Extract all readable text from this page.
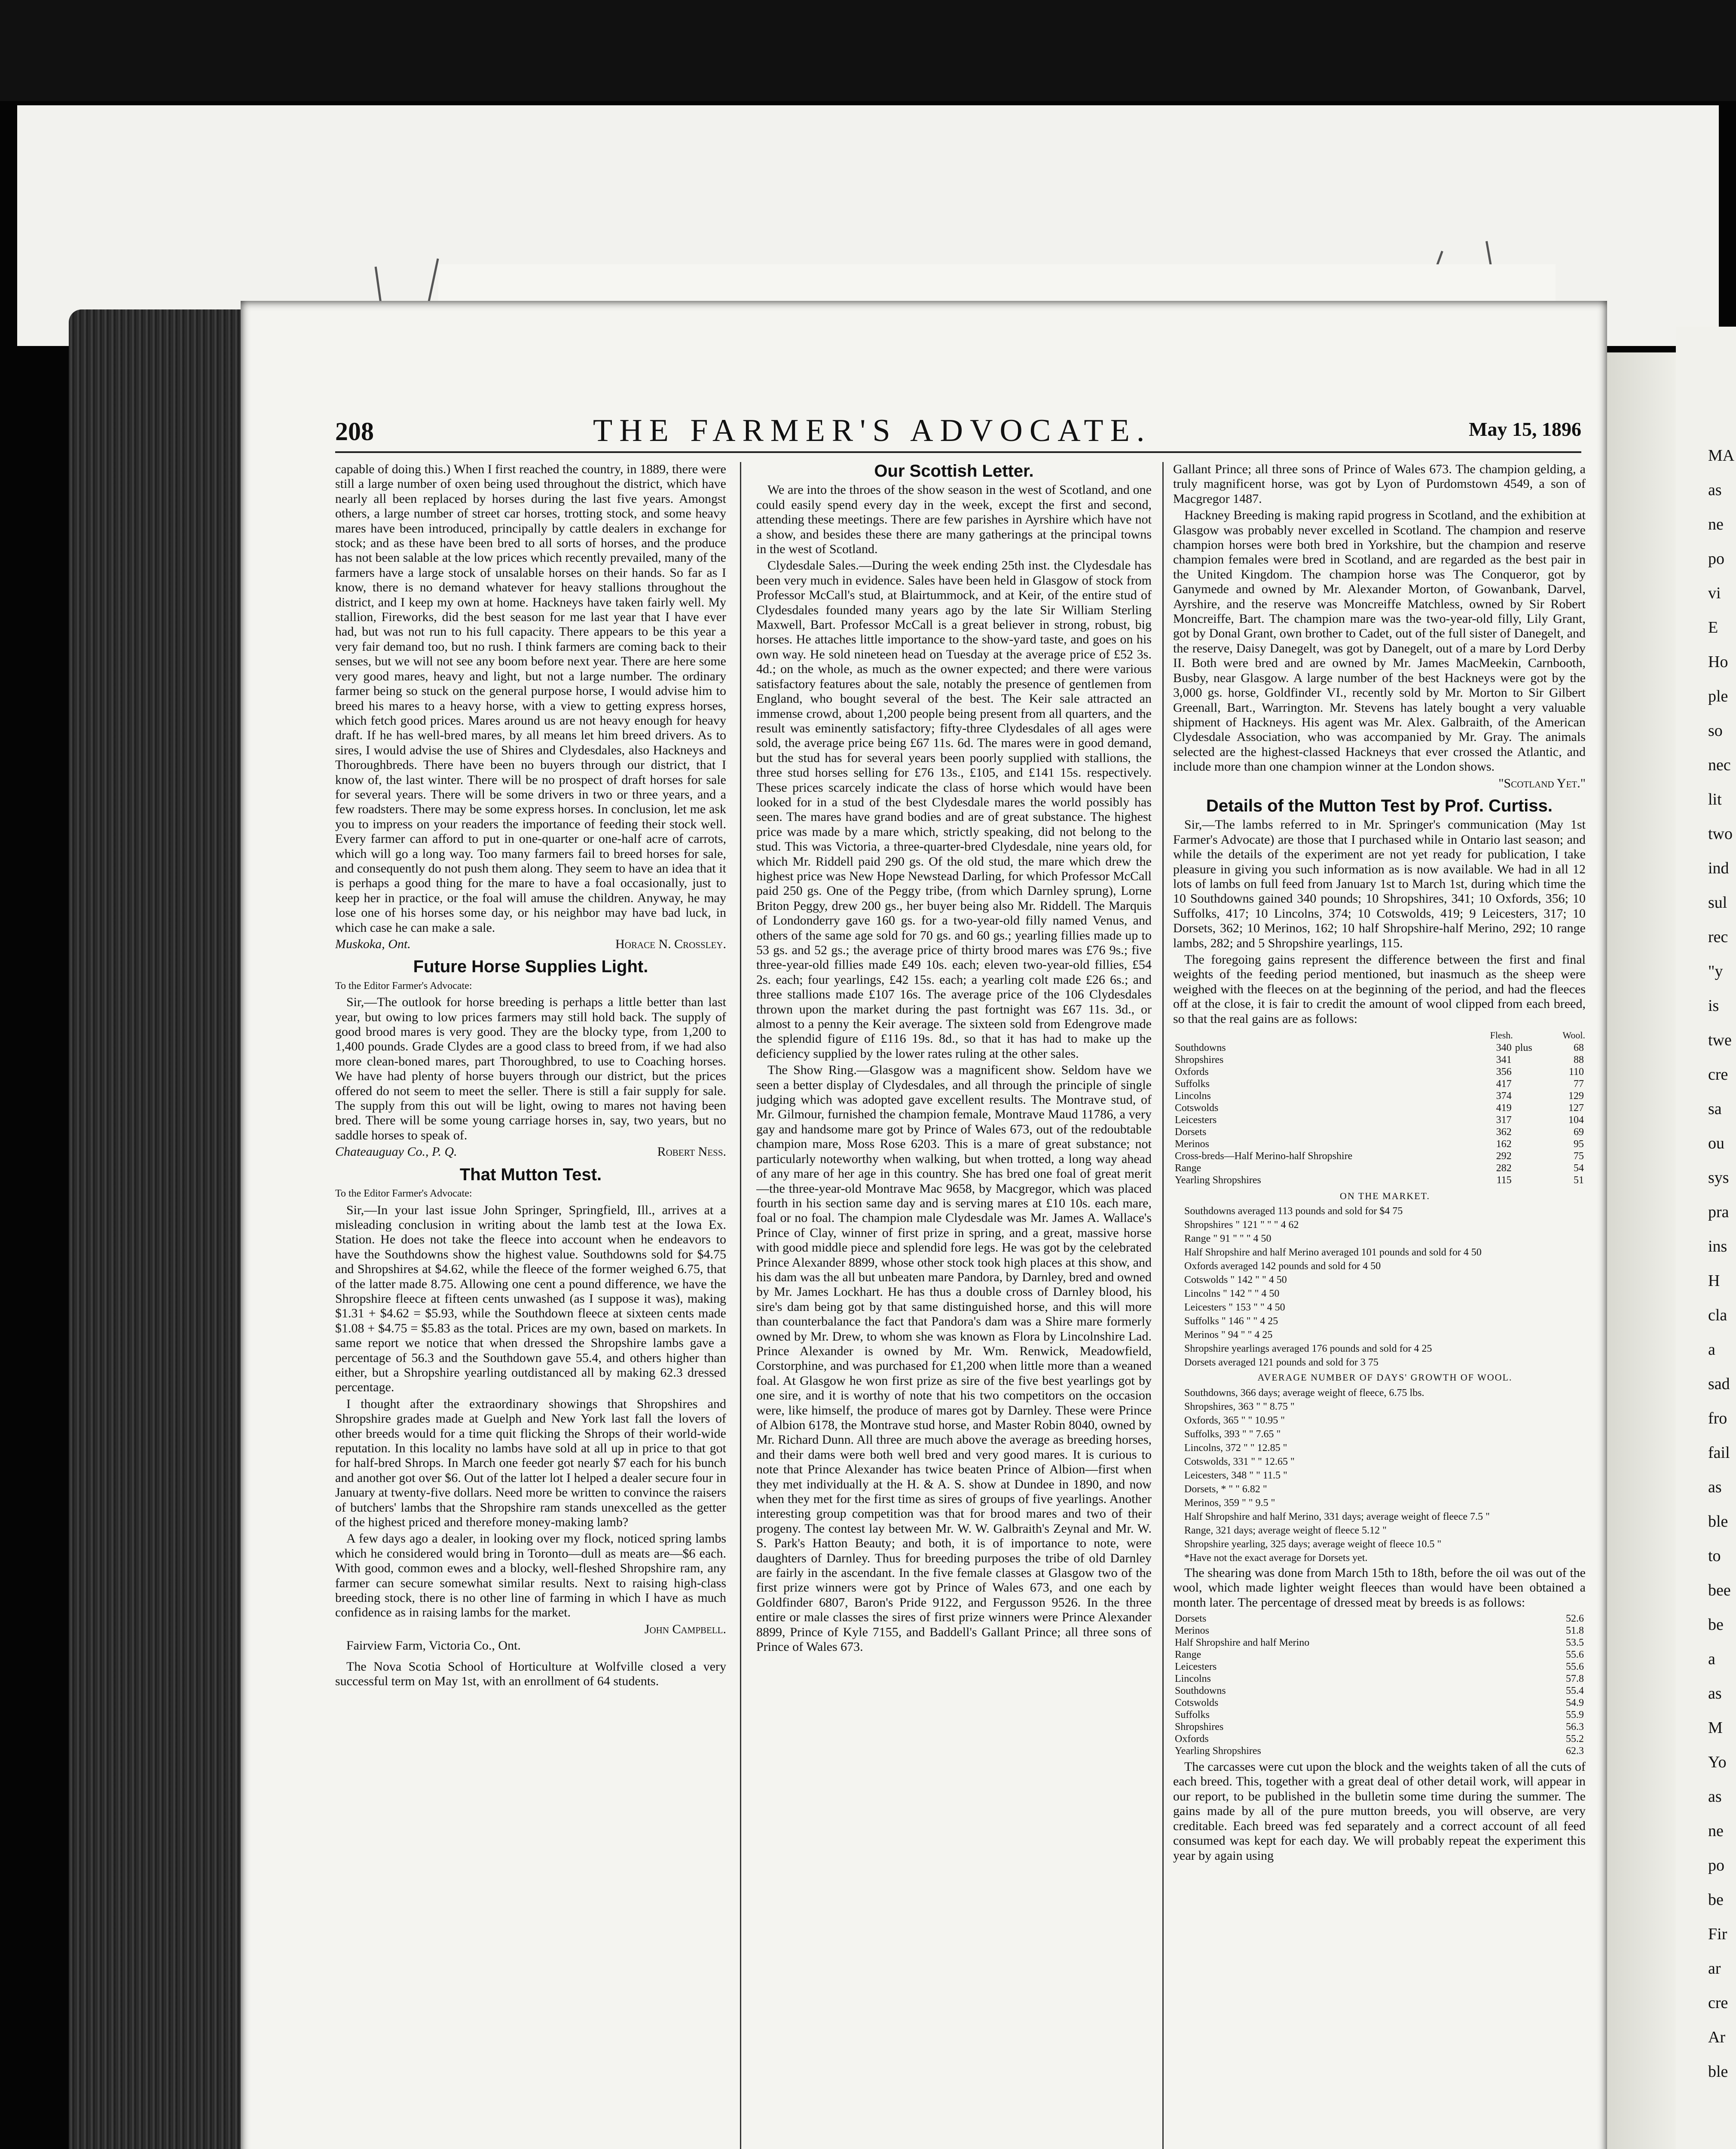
208	THE FARMER'S ADVOCATE.	May 15, 1896

capable of doing this.) When I first reached the country, in 1889, there were still a large number of oxen being used throughout the district, which have nearly all been replaced by horses during the last five years. Amongst others, a large number of street car horses, trotting stock, and some heavy mares have been introduced, principally by cattle dealers in exchange for stock; and as these have been bred to all sorts of horses, and the produce has not been salable at the low prices which recently prevailed, many of the farmers have a large stock of unsalable horses on their hands. So far as I know, there is no demand whatever for heavy stallions throughout the district, and I keep my own at home. Hackneys have taken fairly well. My stallion, Fireworks, did the best season for me last year that I have ever had, but was not run to his full capacity. There appears to be this year a very fair demand too, but no rush. I think farmers are coming back to their senses, but we will not see any boom before next year. There are here some very good mares, heavy and light, but not a large number. The ordinary farmer being so stuck on the general purpose horse, I would advise him to breed his mares to a heavy horse, with a view to getting express horses, which fetch good prices. Mares around us are not heavy enough for heavy draft. If he has well-bred mares, by all means let him breed drivers. As to sires, I would advise the use of Shires and Clydesdales, also Hackneys and Thoroughbreds. There have been no buyers through our district, that I know of, the last winter. There will be no prospect of draft horses for sale for several years. There will be some drivers in two or three years, and a few roadsters. There may be some express horses. In conclusion, let me ask you to impress on your readers the importance of feeding their stock well. Every farmer can afford to put in one-quarter or one-half acre of carrots, which will go a long way. Too many farmers fail to breed horses for sale, and consequently do not push them along. They seem to have an idea that it is perhaps a good thing for the mare to have a foal occasionally, just to keep her in practice, or the foal will amuse the children. Anyway, he may lose one of his horses some day, or his neighbor may have bad luck, in which case he can make a sale.

Muskoka, Ont.	Horace N. Crossley.
Future Horse Supplies Light.

To the Editor Farmer's Advocate:

Sir,—The outlook for horse breeding is perhaps a little better than last year, but owing to low prices farmers may still hold back. The supply of good brood mares is very good. They are the blocky type, from 1,200 to 1,400 pounds. Grade Clydes are a good class to breed from, if we had also more clean-boned mares, part Thoroughbred, to use to Coaching horses. We have had plenty of horse buyers through our district, but the prices offered do not seem to meet the seller. There is still a fair supply for sale. The supply from this out will be light, owing to mares not having been bred. There will be some young carriage horses in, say, two years, but no saddle horses to speak of.

Chateauguay Co., P. Q.	Robert Ness.
That Mutton Test.

To the Editor Farmer's Advocate:

Sir,—In your last issue John Springer, Springfield, Ill., arrives at a misleading conclusion in writing about the lamb test at the Iowa Ex. Station. He does not take the fleece into account when he endeavors to have the Southdowns show the highest value. Southdowns sold for $4.75 and Shropshires at $4.62, while the fleece of the former weighed 6.75, that of the latter made 8.75. Allowing one cent a pound difference, we have the Shropshire fleece at fifteen cents unwashed (as I suppose it was), making $1.31 + $4.62 = $5.93, while the Southdown fleece at sixteen cents made $1.08 + $4.75 = $5.83 as the total. Prices are my own, based on markets. In same report we notice that when dressed the Shropshire lambs gave a percentage of 56.3 and the Southdown gave 55.4, and others higher than either, but a Shropshire yearling outdistanced all by making 62.3 dressed percentage.

I thought after the extraordinary showings that Shropshires and Shropshire grades made at Guelph and New York last fall the lovers of other breeds would for a time quit flicking the Shrops of their world-wide reputation. In this locality no lambs have sold at all up in price to that got for half-bred Shrops. In March one feeder got nearly $7 each for his bunch and another got over $6. Out of the latter lot I helped a dealer secure four in January at twenty-five dollars. Need more be written to convince the raisers of butchers' lambs that the Shropshire ram stands unexcelled as the getter of the highest priced and therefore money-making lamb?

A few days ago a dealer, in looking over my flock, noticed spring lambs which he considered would bring in Toronto—dull as meats are—$6 each. With good, common ewes and a blocky, well-fleshed Shropshire ram, any farmer can secure somewhat similar results. Next to raising high-class breeding stock, there is no other line of farming in which I have as much confidence as in raising lambs for the market.

John Campbell.

Fairview Farm, Victoria Co., Ont.

The Nova Scotia School of Horticulture at Wolfville closed a very successful term on May 1st, with an enrollment of 64 students.

Our Scottish Letter.

We are into the throes of the show season in the west of Scotland, and one could easily spend every day in the week, except the first and second, attending these meetings. There are few parishes in Ayrshire which have not a show, and besides these there are many gatherings at the principal towns in the west of Scotland.

Clydesdale Sales.—During the week ending 25th inst. the Clydesdale has been very much in evidence. Sales have been held in Glasgow of stock from Professor McCall's stud, at Blairtummock, and at Keir, of the entire stud of Clydesdales founded many years ago by the late Sir William Sterling Maxwell, Bart. Professor McCall is a great believer in strong, robust, big horses. He attaches little importance to the show-yard taste, and goes on his own way. He sold nineteen head on Tuesday at the average price of £52 3s. 4d.; on the whole, as much as the owner expected; and there were various satisfactory features about the sale, notably the presence of gentlemen from England, who bought several of the best. The Keir sale attracted an immense crowd, about 1,200 people being present from all quarters, and the result was eminently satisfactory; fifty-three Clydesdales of all ages were sold, the average price being £67 11s. 6d. The mares were in good demand, but the stud has for several years been poorly supplied with stallions, the three stud horses selling for £76 13s., £105, and £141 15s. respectively. These prices scarcely indicate the class of horse which would have been looked for in a stud of the best Clydesdale mares the world possibly has seen. The mares have grand bodies and are of great substance. The highest price was made by a mare which, strictly speaking, did not belong to the stud. This was Victoria, a three-quarter-bred Clydesdale, nine years old, for which Mr. Riddell paid 290 gs. Of the old stud, the mare which drew the highest price was New Hope Newstead Darling, for which Professor McCall paid 250 gs. One of the Peggy tribe, (from which Darnley sprung), Lorne Briton Peggy, drew 200 gs., her buyer being also Mr. Riddell. The Marquis of Londonderry gave 160 gs. for a two-year-old filly named Venus, and others of the same age sold for 70 gs. and 60 gs.; yearling fillies made up to 53 gs. and 52 gs.; the average price of thirty brood mares was £76 9s.; five three-year-old fillies made £49 10s. each; eleven two-year-old fillies, £54 2s. each; four yearlings, £42 15s. each; a yearling colt made £26 6s.; and three stallions made £107 16s. The average price of the 106 Clydesdales thrown upon the market during the past fortnight was £67 11s. 3d., or almost to a penny the Keir average. The sixteen sold from Edengrove made the splendid figure of £116 19s. 8d., so that it has had to make up the deficiency supplied by the lower rates ruling at the other sales.

The Show Ring.—Glasgow was a magnificent show. Seldom have we seen a better display of Clydesdales, and all through the principle of single judging which was adopted gave excellent results. The Montrave stud, of Mr. Gilmour, furnished the champion female, Montrave Maud 11786, a very gay and handsome mare got by Prince of Wales 673, out of the redoubtable champion mare, Moss Rose 6203. This is a mare of great substance; not particularly noteworthy when walking, but when trotted, a long way ahead of any mare of her age in this country. She has bred one foal of great merit—the three-year-old Montrave Mac 9658, by Macgregor, which was placed fourth in his section same day and is serving mares at £10 10s. each mare, foal or no foal. The champion male Clydesdale was Mr. James A. Wallace's Prince of Clay, winner of first prize in spring, and a great, massive horse with good middle piece and splendid fore legs. He was got by the celebrated Prince Alexander 8899, whose other stock took high places at this show, and his dam was the all but unbeaten mare Pandora, by Darnley, bred and owned by Mr. James Lockhart. He has thus a double cross of Darnley blood, his sire's dam being got by that same distinguished horse, and this will more than counterbalance the fact that Pandora's dam was a Shire mare formerly owned by Mr. Drew, to whom she was known as Flora by Lincolnshire Lad. Prince Alexander is owned by Mr. Wm. Renwick, Meadowfield, Corstorphine, and was purchased for £1,200 when little more than a weaned foal. At Glasgow he won first prize as sire of the five best yearlings got by one sire, and it is worthy of note that his two competitors on the occasion were, like himself, the produce of mares got by Darnley. These were Prince of Albion 6178, the Montrave stud horse, and Master Robin 8040, owned by Mr. Richard Dunn. All three are much above the average as breeding horses, and their dams were both well bred and very good mares. It is curious to note that Prince Alexander has twice beaten Prince of Albion—first when they met individually at the H. & A. S. show at Dundee in 1890, and now when they met for the first time as sires of groups of five yearlings. Another interesting group competition was that for brood mares and two of their progeny. The contest lay between Mr. W. W. Galbraith's Zeynal and Mr. W. S. Park's Hatton Beauty; and both, it is of importance to note, were daughters of Darnley. Thus for breeding purposes the tribe of old Darnley are fairly in the ascendant. In the five female classes at Glasgow two of the first prize winners were got by Prince of Wales 673, and one each by Goldfinder 6807, Baron's Pride 9122, and Fergusson 9526. In the three entire or male classes the sires of first prize winners were Prince Alexander 8899, Prince of Kyle 7155, and Baddell's Gallant Prince; all three sons of Prince of Wales 673.

Gallant Prince; all three sons of Prince of Wales 673. The champion gelding, a truly magnificent horse, was got by Lyon of Purdomstown 4549, a son of Macgregor 1487.

Hackney Breeding is making rapid progress in Scotland, and the exhibition at Glasgow was probably never excelled in Scotland. The champion and reserve champion horses were both bred in Yorkshire, but the champion and reserve champion females were bred in Scotland, and are regarded as the best pair in the United Kingdom. The champion horse was The Conqueror, got by Ganymede and owned by Mr. Alexander Morton, of Gowanbank, Darvel, Ayrshire, and the reserve was Moncreiffe Matchless, owned by Sir Robert Moncreiffe, Bart. The champion mare was the two-year-old filly, Lily Grant, got by Donal Grant, own brother to Cadet, out of the full sister of Danegelt, and the reserve, Daisy Danegelt, was got by Danegelt, out of a mare by Lord Derby II. Both were bred and are owned by Mr. James MacMeekin, Carnbooth, Busby, near Glasgow. A large number of the best Hackneys were got by the 3,000 gs. horse, Goldfinder VI., recently sold by Mr. Morton to Sir Gilbert Greenall, Bart., Warrington. Mr. Stevens has lately bought a very valuable shipment of Hackneys. His agent was Mr. Alex. Galbraith, of the American Clydesdale Association, who was accompanied by Mr. Gray. The animals selected are the highest-classed Hackneys that ever crossed the Atlantic, and include more than one champion winner at the London shows.

"Scotland Yet."

Details of the Mutton Test by Prof. Curtiss.

Sir,—The lambs referred to in Mr. Springer's communication (May 1st Farmer's Advocate) are those that I purchased while in Ontario last season; and while the details of the experiment are not yet ready for publication, I take pleasure in giving you such information as is now available. We had in all 12 lots of lambs on full feed from January 1st to March 1st, during which time the 10 Southdowns gained 340 pounds; 10 Shropshires, 341; 10 Oxfords, 356; 10 Suffolks, 417; 10 Lincolns, 374; 10 Cotswolds, 419; 9 Leicesters, 317; 10 Dorsets, 362; 10 Merinos, 162; 10 half Shropshire-half Merino, 292; 10 range lambs, 282; and 5 Shropshire yearlings, 115.

The foregoing gains represent the difference between the first and final weights of the feeding period mentioned, but inasmuch as the sheep were weighed with the fleeces on at the beginning of the period, and had the fleeces off at the close, it is fair to credit the amount of wool clipped from each breed, so that the real gains are as follows:

	Flesh.		Wool.
Southdowns	340	plus	68
Shropshires	341		88
Oxfords	356		110
Suffolks	417		77
Lincolns	374		129
Cotswolds	419		127
Leicesters	317		104
Dorsets	362		69
Merinos	162		95
Cross-breds—Half Merino-half Shropshire	292		75
Range	282		54
Yearling Shropshires	115		51

ON THE MARKET.

Southdowns averaged 113 pounds and sold for $4 75

Shropshires " 121 " " " 4 62

Range " 91 " " " 4 50

Half Shropshire and half Merino averaged 101 pounds and sold for 4 50

Oxfords averaged 142 pounds and sold for 4 50

Cotswolds " 142 " " 4 50

Lincolns " 142 " " 4 50

Leicesters " 153 " " 4 50

Suffolks " 146 " " 4 25

Merinos " 94 " " 4 25

Shropshire yearlings averaged 176 pounds and sold for 4 25

Dorsets averaged 121 pounds and sold for 3 75

AVERAGE NUMBER OF DAYS' GROWTH OF WOOL.

Southdowns, 366 days; average weight of fleece, 6.75 lbs.

Shropshires, 363 " " 8.75 "

Oxfords, 365 " " 10.95 "

Suffolks, 393 " " 7.65 "

Lincolns, 372 " " 12.85 "

Cotswolds, 331 " " 12.65 "

Leicesters, 348 " " 11.5 "

Dorsets, * " " 6.82 "

Merinos, 359 " " 9.5 "

Half Shropshire and half Merino, 331 days; average weight of fleece 7.5 "

Range, 321 days; average weight of fleece 5.12 "

Shropshire yearling, 325 days; average weight of fleece 10.5 "

*Have not the exact average for Dorsets yet.

The shearing was done from March 15th to 18th, before the oil was out of the wool, which made lighter weight fleeces than would have been obtained a month later. The percentage of dressed meat by breeds is as follows:

Dorsets	52.6
Merinos	51.8
Half Shropshire and half Merino	53.5
Range	55.6
Leicesters	55.6
Lincolns	57.8
Southdowns	55.4
Cotswolds	54.9
Suffolks	55.9
Shropshires	56.3
Oxfords	55.2
Yearling Shropshires	62.3

The carcasses were cut upon the block and the weights taken of all the cuts of each breed. This, together with a great deal of other detail work, will appear in our report, to be published in the bulletin some time during the summer. The gains made by all of the pure mutton breeds, you will observe, are very creditable. Each breed was fed separately and a correct account of all feed consumed was kept for each day. We will probably repeat the experiment this year by again using

MA
as
ne
po
vi
E
Ho
ple
so
nec
lit
two
ind
sul
rec
"y
is
twe
cre
sa
ou
sys
pra
ins
H
cla
a
sad
fro
fail
as
ble
to
bee
be
a
as
M
Yo
as
ne
po
be
Fir
ar
cre
Ar
ble
